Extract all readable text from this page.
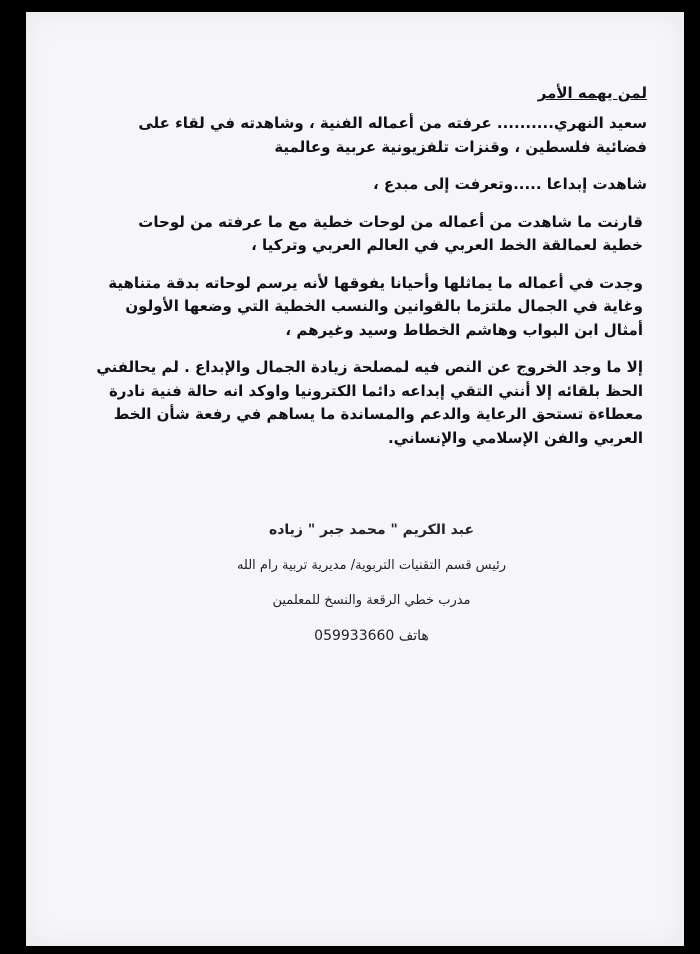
لمن يهمه الأمر

سعيد النهري.......... عرفته من أعماله الفنية ، وشاهدته في لقاء على فضائية فلسطين ، وقنزات تلفزيونية عربية وعالمية

شاهدت إبداعا .....وتعرفت إلى مبدع ،

قارنت ما شاهدت من أعماله من لوحات خطية مع ما عرفته من لوحات خطية لعمالقة الخط العربي في العالم العربي وتركيا ،

وجدت في أعماله ما يماثلها وأحيانا يفوقها لأنه يرسم لوحاته بدقة متناهية وغاية في الجمال ملتزما بالقوانين والنسب الخطية التي وضعها الأولون أمثال ابن البواب وهاشم الخطاط وسيد وغيرهم ،

إلا ما وجد الخروج عن النص فيه لمصلحة زيادة الجمال والإبداع . لم يحالفني الحظ بلقائه إلا أنني التقي إبداعه دائما الكترونيا واوكد انه حالة فنية نادرة معطاءة تستحق الرعاية والدعم والمساندة ما يساهم في رفعة شأن الخط العربي والفن الإسلامي والإنساني.

عبد الكريم " محمد جبر " زياده
رئيس قسم التقنيات التربوية/ مديرية تربية رام الله
مدرب خطي الرقعة والنسخ للمعلمين
هاتف 059933660
